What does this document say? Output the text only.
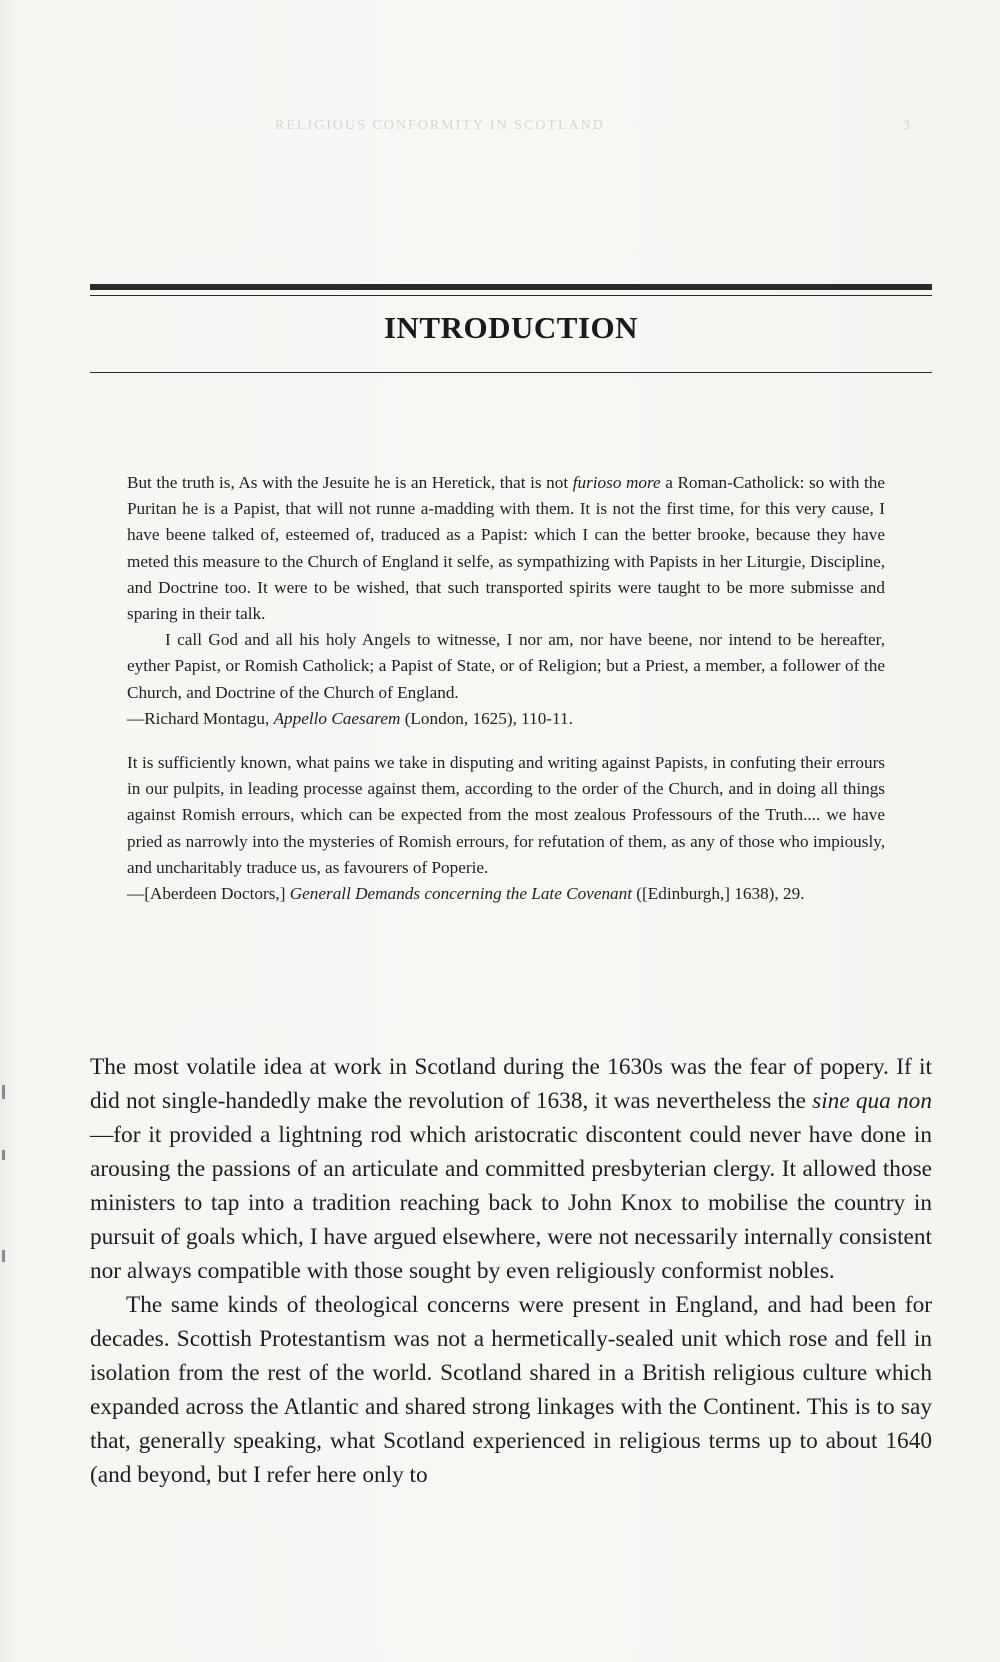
RELIGIOUS CONFORMITY IN SCOTLAND	3
INTRODUCTION

But the truth is, As with the Jesuite he is an Heretick, that is not furioso more a Roman-Catholick: so with the Puritan he is a Papist, that will not runne a-madding with them. It is not the first time, for this very cause, I have beene talked of, esteemed of, traduced as a Papist: which I can the better brooke, because they have meted this measure to the Church of England it selfe, as sympathizing with Papists in her Liturgie, Discipline, and Doctrine too. It were to be wished, that such transported spirits were taught to be more submisse and sparing in their talk.

I call God and all his holy Angels to witnesse, I nor am, nor have beene, nor intend to be hereafter, eyther Papist, or Romish Catholick; a Papist of State, or of Religion; but a Priest, a member, a follower of the Church, and Doctrine of the Church of England.

—Richard Montagu, Appello Caesarem (London, 1625), 110-11.

It is sufficiently known, what pains we take in disputing and writing against Papists, in confuting their errours in our pulpits, in leading processe against them, according to the order of the Church, and in doing all things against Romish errours, which can be expected from the most zealous Professours of the Truth.... we have pried as narrowly into the mysteries of Romish errours, for refutation of them, as any of those who impiously, and uncharitably traduce us, as favourers of Poperie.

—[Aberdeen Doctors,] Generall Demands concerning the Late Covenant ([Edinburgh,] 1638), 29.

The most volatile idea at work in Scotland during the 1630s was the fear of popery. If it did not single-handedly make the revolution of 1638, it was nevertheless the sine qua non—for it provided a lightning rod which aristocratic discontent could never have done in arousing the passions of an articulate and committed presbyterian clergy. It allowed those ministers to tap into a tradition reaching back to John Knox to mobilise the country in pursuit of goals which, I have argued elsewhere, were not necessarily internally consistent nor always compatible with those sought by even religiously conformist nobles.

The same kinds of theological concerns were present in England, and had been for decades. Scottish Protestantism was not a hermetically-sealed unit which rose and fell in isolation from the rest of the world. Scotland shared in a British religious culture which expanded across the Atlantic and shared strong linkages with the Continent. This is to say that, generally speaking, what Scotland experienced in religious terms up to about 1640 (and beyond, but I refer here only to
